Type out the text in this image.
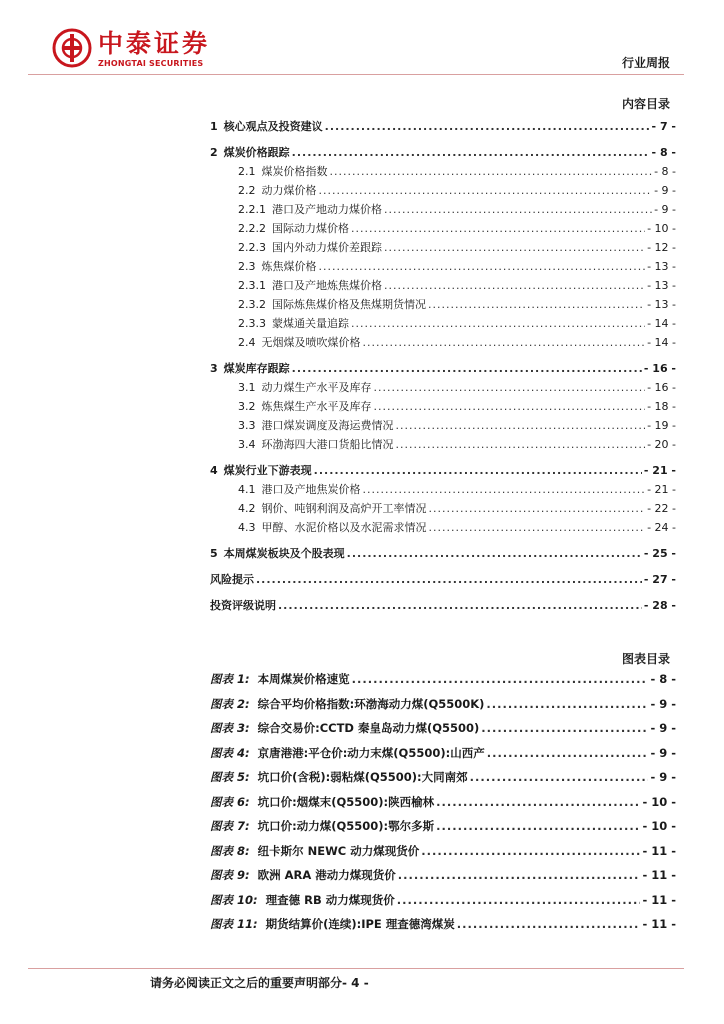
中泰证券
ZHONGTAI SECURITIES	行业周报
内容目录
1 核心观点及投资建议 .....	- 7 -
2 煤炭价格跟踪 .....	- 8 -
2.1 煤炭价格指数 .....	- 8 -
2.2 动力煤价格 .....	- 9 -
2.2.1 港口及产地动力煤价格 .....	- 9 -
2.2.2 国际动力煤价格 .....	- 10 -
2.2.3 国内外动力煤价差跟踪 .....	- 12 -
2.3 炼焦煤价格 .....	- 13 -
2.3.1 港口及产地炼焦煤价格 .....	- 13 -
2.3.2 国际炼焦煤价格及焦煤期货情况 .....	- 13 -
2.3.3 蒙煤通关量追踪 .....	- 14 -
2.4 无烟煤及喷吹煤价格 .....	- 14 -
3 煤炭库存跟踪 .....	- 16 -
3.1 动力煤生产水平及库存 .....	- 16 -
3.2 炼焦煤生产水平及库存 .....	- 18 -
3.3 港口煤炭调度及海运费情况 .....	- 19 -
3.4 环渤海四大港口货船比情况 .....	- 20 -
4 煤炭行业下游表现 .....	- 21 -
4.1 港口及产地焦炭价格 .....	- 21 -
4.2 钢价、吨钢利润及高炉开工率情况 .....	- 22 -
4.3 甲醇、水泥价格以及水泥需求情况 .....	- 24 -
5 本周煤炭板块及个股表现 .....	- 25 -
风险提示 .....	- 27 -
投资评级说明 .....	- 28 -
图表目录
图表 1: 本周煤炭价格速览 .....	- 8 -
图表 2: 综合平均价格指数:环渤海动力煤(Q5500K) .....	- 9 -
图表 3: 综合交易价:CCTD 秦皇岛动力煤(Q5500) .....	- 9 -
图表 4: 京唐港港:平仓价:动力末煤(Q5500):山西产 .....	- 9 -
图表 5: 坑口价(含税):弱粘煤(Q5500):大同南郊 .....	- 9 -
图表 6: 坑口价:烟煤末(Q5500):陕西榆林 .....	- 10 -
图表 7: 坑口价:动力煤(Q5500):鄂尔多斯 .....	- 10 -
图表 8: 纽卡斯尔 NEWC 动力煤现货价 .....	- 11 -
图表 9: 欧洲 ARA 港动力煤现货价 .....	- 11 -
图表 10: 理查德 RB 动力煤现货价 .....	- 11 -
图表 11: 期货结算价(连续):IPE 理查德湾煤炭 .....	- 11 -
请务必阅读正文之后的重要声明部分- 4 -
